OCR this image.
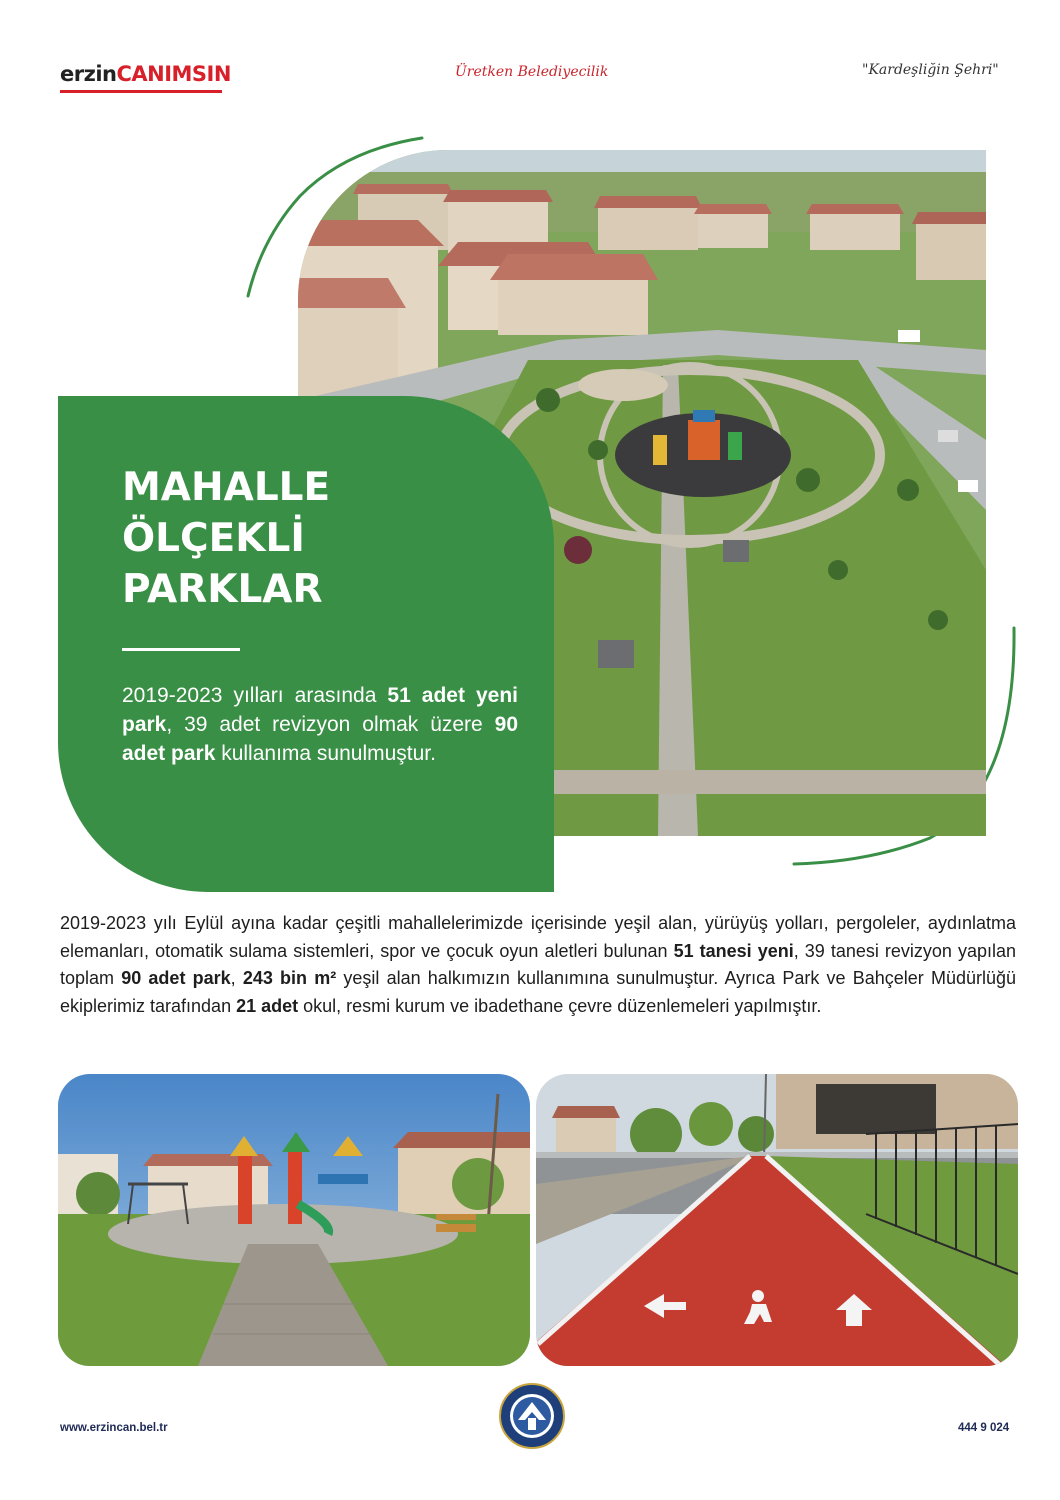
erzinCANIMSIN	Üretken Belediyecilik	"Kardeşliğin Şehri"
MAHALLE
ÖLÇEKLİ
PARKLAR
2019-2023 yılları arasında 51 adet yeni park, 39 adet revizyon olmak üzere 90 adet park kullanıma sunulmuştur.
2019-2023 yılı Eylül ayına kadar çeşitli mahallelerimizde içerisinde yeşil alan, yürüyüş yolları, pergoleler, aydınlatma elemanları, otomatik sulama sistemleri, spor ve çocuk oyun aletleri bulunan 51 tanesi yeni, 39 tanesi revizyon yapılan toplam 90 adet park, 243 bin m² yeşil alan halkımızın kullanımına sunulmuştur. Ayrıca Park ve Bahçeler Müdürlüğü ekiplerimiz tarafından 21 adet okul, resmi kurum ve ibadethane çevre düzenlemeleri yapılmıştır.
www.erzincan.bel.tr	444 9 024
